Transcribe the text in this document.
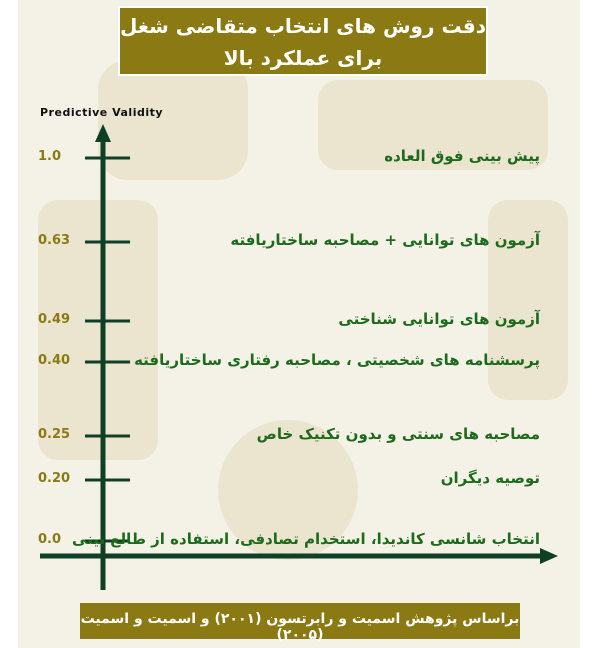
دقت روش های انتخاب متقاضی شغل
برای عملکرد بالا
Predictive Validity
1.0
0.63
0.49
0.40
0.25
0.20
0.0
پیش بینی فوق العاده
آزمون های توانایی + مصاحبه ساختاریافته
آزمون های توانایی شناختی
پرسشنامه های شخصیتی ، مصاحبه رفتاری ساختاریافته
مصاحبه های سنتی و بدون تکنیک خاص
توصیه دیگران
انتخاب شانسی کاندیدا، استخدام تصادفی، استفاده از طالع بینی
براساس پژوهش اسمیت و رابرتسون (۲۰۰۱) و اسمیت و اسمیت (۲۰۰۵)
